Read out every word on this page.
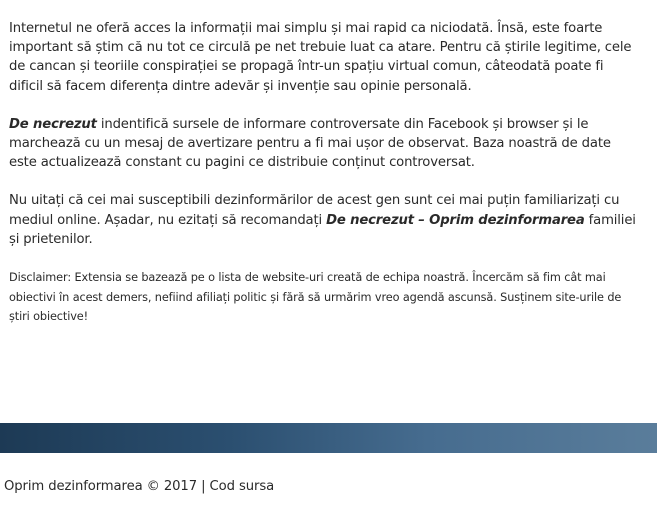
Internetul ne oferă acces la informații mai simplu și mai rapid ca niciodată. Însă, este foarte important să știm că nu tot ce circulă pe net trebuie luat ca atare. Pentru că știrile legitime, cele de cancan și teoriile conspirației se propagă într-un spațiu virtual comun, câteodată poate fi dificil să facem diferența dintre adevăr și invenție sau opinie personală.

De necrezut indentifică sursele de informare controversate din Facebook și browser și le marchează cu un mesaj de avertizare pentru a fi mai ușor de observat. Baza noastră de date este actualizează constant cu pagini ce distribuie conținut controversat.

Nu uitați că cei mai susceptibili dezinformărilor de acest gen sunt cei mai puțin familiarizați cu mediul online. Așadar, nu ezitați să recomandați De necrezut – Oprim dezinformarea familiei și prietenilor.

Disclaimer: Extensia se bazează pe o lista de website-uri creată de echipa noastră. Încercăm să fim cât mai obiectivi în acest demers, nefiind afiliați politic și fără să urmărim vreo agendă ascunsă. Susținem site-urile de știri obiective!

Oprim dezinformarea © 2017 | Cod sursa
